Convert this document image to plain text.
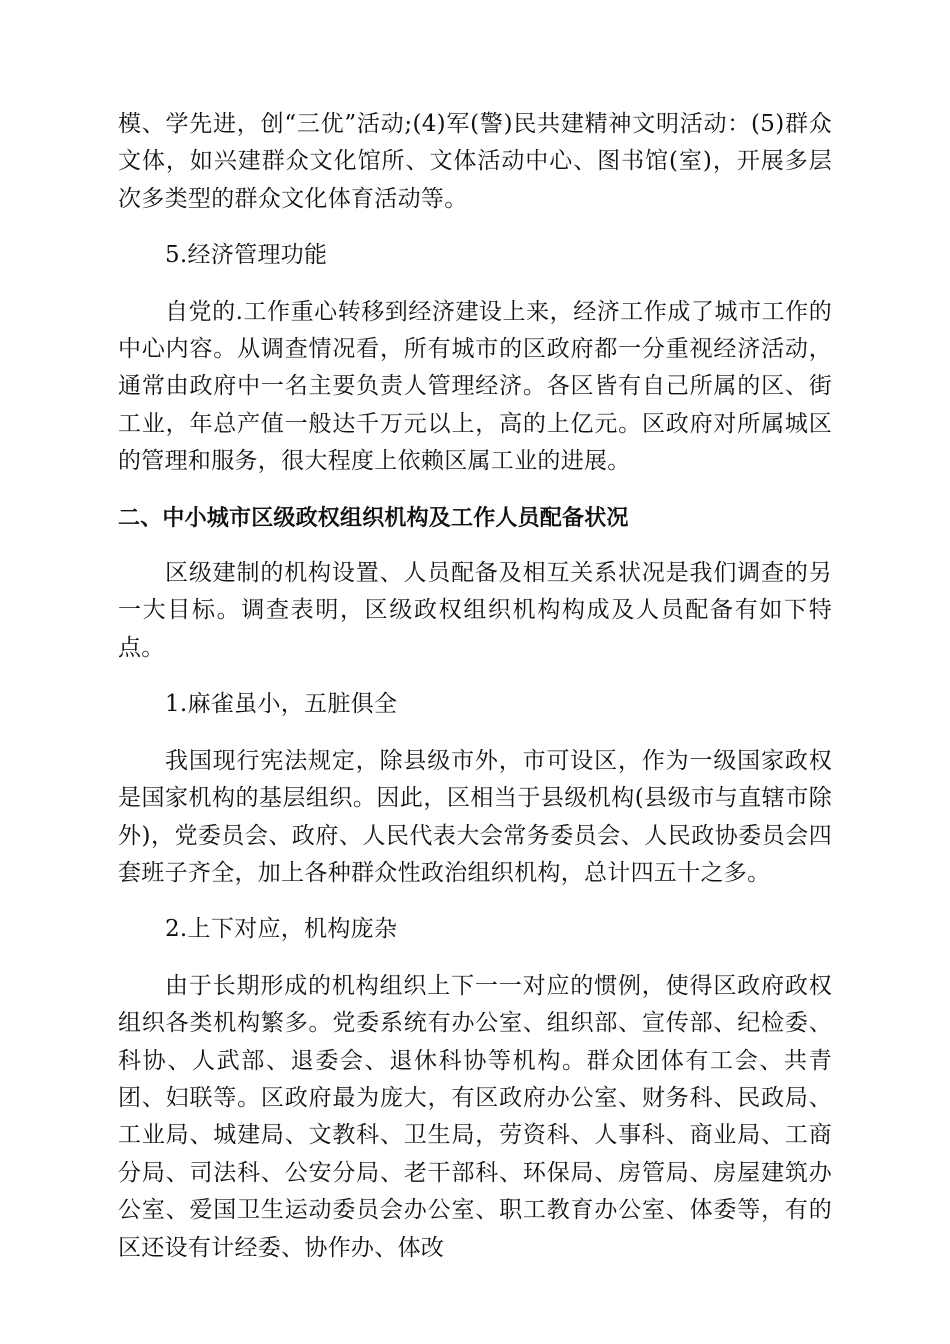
模、学先进，创“三优”活动;(4)军(警)民共建精神文明活动：(5)群众文体，如兴建群众文化馆所、文体活动中心、图书馆(室)，开展多层次多类型的群众文化体育活动等。

5.经济管理功能

自党的.工作重心转移到经济建设上来，经济工作成了城市工作的中心内容。从调查情况看，所有城市的区政府都一分重视经济活动，通常由政府中一名主要负责人管理经济。各区皆有自己所属的区、街工业，年总产值一般达千万元以上，高的上亿元。区政府对所属城区的管理和服务，很大程度上依赖区属工业的进展。

二、中小城市区级政权组织机构及工作人员配备状况

区级建制的机构设置、人员配备及相互关系状况是我们调查的另一大目标。调查表明，区级政权组织机构构成及人员配备有如下特点。

1.麻雀虽小，五脏俱全

我国现行宪法规定，除县级市外，市可设区，作为一级国家政权是国家机构的基层组织。因此，区相当于县级机构(县级市与直辖市除外)，党委员会、政府、人民代表大会常务委员会、人民政协委员会四套班子齐全，加上各种群众性政治组织机构，总计四五十之多。

2.上下对应，机构庞杂

由于长期形成的机构组织上下一一对应的惯例，使得区政府政权组织各类机构繁多。党委系统有办公室、组织部、宣传部、纪检委、科协、人武部、退委会、退休科协等机构。群众团体有工会、共青团、妇联等。区政府最为庞大，有区政府办公室、财务科、民政局、工业局、城建局、文教科、卫生局，劳资科、人事科、商业局、工商分局、司法科、公安分局、老干部科、环保局、房管局、房屋建筑办公室、爱国卫生运动委员会办公室、职工教育办公室、体委等，有的区还设有计经委、协作办、体改
